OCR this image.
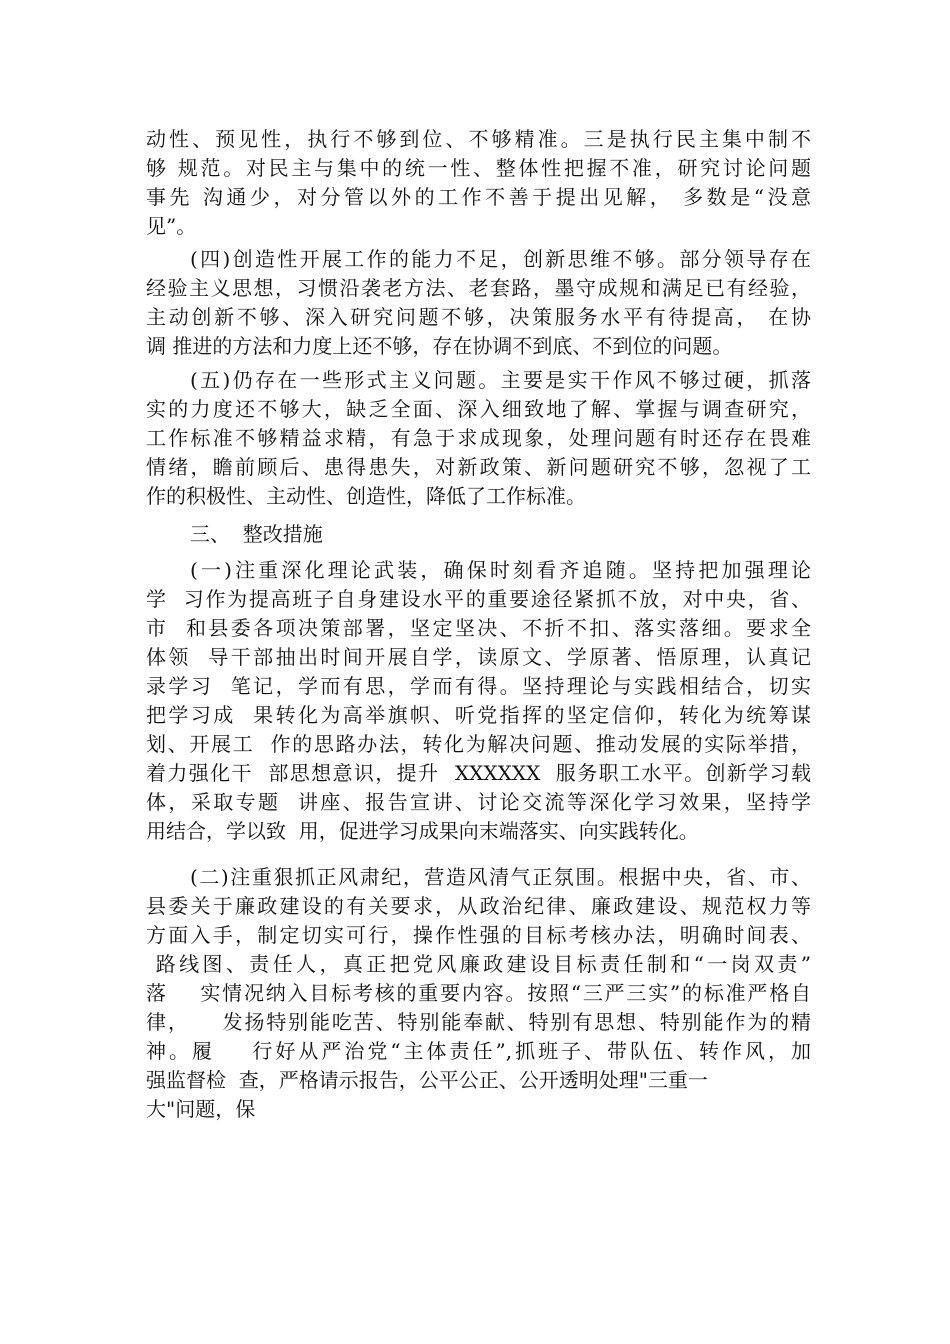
动性、预见性，执行不够到位、不够精准。三是执行民主集中制不
够 规范。对民主与集中的统一性、整体性把握不准，研究讨论问题
事先 沟通少，对分管以外的工作不善于提出见解， 多数是“没意
见”。
(四)创造性开展工作的能力不足，创新思维不够。部分领导存在
经验主义思想，习惯沿袭老方法、老套路，墨守成规和满足已有经验，
主动创新不够、深入研究问题不够，决策服务水平有待提高， 在协
调 推进的方法和力度上还不够，存在协调不到底、不到位的问题。
(五)仍存在一些形式主义问题。主要是实干作风不够过硬，抓落
实的力度还不够大，缺乏全面、深入细致地了解、掌握与调查研究，
工作标准不够精益求精，有急于求成现象，处理问题有时还存在畏难
情绪，瞻前顾后、患得患失，对新政策、新问题研究不够，忽视了工
作的积极性、主动性、创造性，降低了工作标准。
三、  整改措施
(一)注重深化理论武装，确保时刻看齐追随。坚持把加强理论
学  习作为提高班子自身建设水平的重要途径紧抓不放，对中央，省、
市  和县委各项决策部署，坚定坚决、不折不扣、落实落细。要求全
体领  导干部抽出时间开展自学，读原文、学原著、悟原理，认真记
录学习  笔记，学而有思，学而有得。坚持理论与实践相结合，切实
把学习成  果转化为高举旗帜、听党指挥的坚定信仰，转化为统筹谋
划、开展工  作的思路办法，转化为解决问题、推动发展的实际举措，
着力强化干  部思想意识，提升  XXXXXX  服务职工水平。创新学习载
体，采取专题  讲座、报告宣讲、讨论交流等深化学习效果，坚持学
用结合，学以致  用，促进学习成果向末端落实、向实践转化。
(二)注重狠抓正风肃纪，营造风清气正氛围。根据中央，省、市、
县委关于廉政建设的有关要求，从政治纪律、廉政建设、规范权力等
方面入手，制定切实可行，操作性强的目标考核办法，明确时间表、
路线图、责任人，真正把党风廉政建设目标责任制和“一岗双责”
落    实情况纳入目标考核的重要内容。按照“三严三实”的标准严格自
律，    发扬特别能吃苦、特别能奉献、特别有思想、特别能作为的精
神。履    行好从严治党“主体责任”,抓班子、带队伍、转作风，加
强监督检  查，严格请示报告，公平公正、公开透明处理"三重一
大"问题，保
